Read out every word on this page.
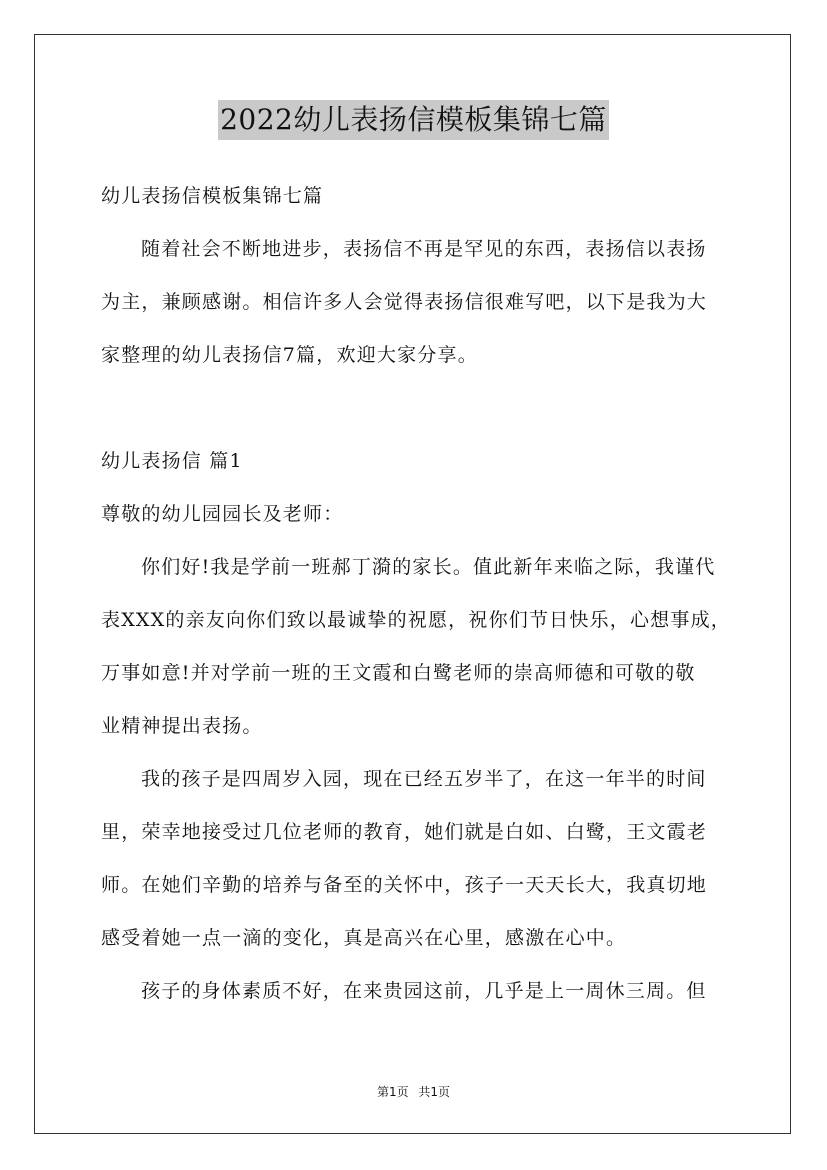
2022幼儿表扬信模板集锦七篇
幼儿表扬信模板集锦七篇
随着社会不断地进步，表扬信不再是罕见的东西，表扬信以表扬
为主，兼顾感谢。相信许多人会觉得表扬信很难写吧，以下是我为大
家整理的幼儿表扬信7篇，欢迎大家分享。
幼儿表扬信 篇1
尊敬的幼儿园园长及老师：
你们好!我是学前一班郝丁漪的家长。值此新年来临之际，我谨代
表XXX的亲友向你们致以最诚挚的祝愿，祝你们节日快乐，心想事成，
万事如意!并对学前一班的王文霞和白鹭老师的崇高师德和可敬的敬
业精神提出表扬。
我的孩子是四周岁入园，现在已经五岁半了，在这一年半的时间
里，荣幸地接受过几位老师的教育，她们就是白如、白鹭，王文霞老
师。在她们辛勤的培养与备至的关怀中，孩子一天天长大，我真切地
感受着她一点一滴的变化，真是高兴在心里，感激在心中。
孩子的身体素质不好，在来贵园这前，几乎是上一周休三周。但
第1页 共1页
